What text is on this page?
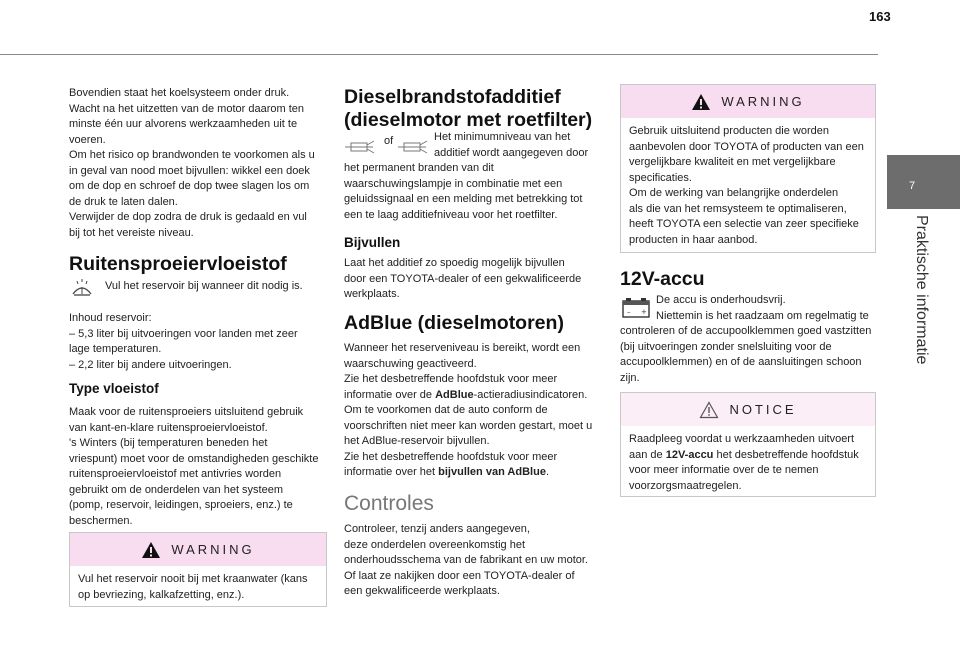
163
7
Praktische informatie
Bovendien staat het koelsysteem onder druk.
Wacht na het uitzetten van de motor daarom ten
minste één uur alvorens werkzaamheden uit te
voeren.
Om het risico op brandwonden te voorkomen als u
in geval van nood moet bijvullen: wikkel een doek
om de dop en schroef de dop twee slagen los om
de druk te laten dalen.
Verwijder de dop zodra de druk is gedaald en vul
bij tot het vereiste niveau.
Ruitensproeiervloeistof
Vul het reservoir bij wanneer dit nodig is.
Inhoud reservoir:
– 5,3 liter bij uitvoeringen voor landen met zeer
lage temperaturen.
– 2,2 liter bij andere uitvoeringen.
Type vloeistof
Maak voor de ruitensproeiers uitsluitend gebruik
van kant-en-klare ruitensproeiervloeistof.
's Winters (bij temperaturen beneden het
vriespunt) moet voor de omstandigheden geschikte
ruitensproeiervloeistof met antivries worden
gebruikt om de onderdelen van het systeem
(pomp, reservoir, leidingen, sproeiers, enz.) te
beschermen.
WARNING
Vul het reservoir nooit bij met kraanwater (kans
op bevriezing, kalkafzetting, enz.).
Dieselbrandstofadditief
(dieselmotor met roetfilter)
of	Het minimumniveau van het
additief wordt aangegeven door
het permanent branden van dit
waarschuwingslampje in combinatie met een
geluidssignaal en een melding met betrekking tot
een te laag additiefniveau voor het roetfilter.
Bijvullen
Laat het additief zo spoedig mogelijk bijvullen
door een TOYOTA-dealer of een gekwalificeerde
werkplaats.
AdBlue (dieselmotoren)
Wanneer het reserveniveau is bereikt, wordt een
waarschuwing geactiveerd.
Zie het desbetreffende hoofdstuk voor meer
informatie over de AdBlue-actieradiusindicatoren.
Om te voorkomen dat de auto conform de
voorschriften niet meer kan worden gestart, moet u
het AdBlue-reservoir bijvullen.
Zie het desbetreffende hoofdstuk voor meer
informatie over het bijvullen van AdBlue.
Controles
Controleer, tenzij anders aangegeven,
deze onderdelen overeenkomstig het
onderhoudsschema van de fabrikant en uw motor.
Of laat ze nakijken door een TOYOTA-dealer of
een gekwalificeerde werkplaats.
WARNING
Gebruik uitsluitend producten die worden
aanbevolen door TOYOTA of producten van een
vergelijkbare kwaliteit en met vergelijkbare
specificaties.
Om de werking van belangrijke onderdelen
als die van het remsysteem te optimaliseren,
heeft TOYOTA een selectie van zeer specifieke
producten in haar aanbod.
12V-accu
– +
De accu is onderhoudsvrij.
Niettemin is het raadzaam om regelmatig te
controleren of de accupoolklemmen goed vastzitten
(bij uitvoeringen zonder snelsluiting voor de
accupoolklemmen) en of de aansluitingen schoon
zijn.
NOTICE
Raadpleeg voordat u werkzaamheden uitvoert
aan de 12V-accu het desbetreffende hoofdstuk
voor meer informatie over de te nemen
voorzorgsmaatregelen.
